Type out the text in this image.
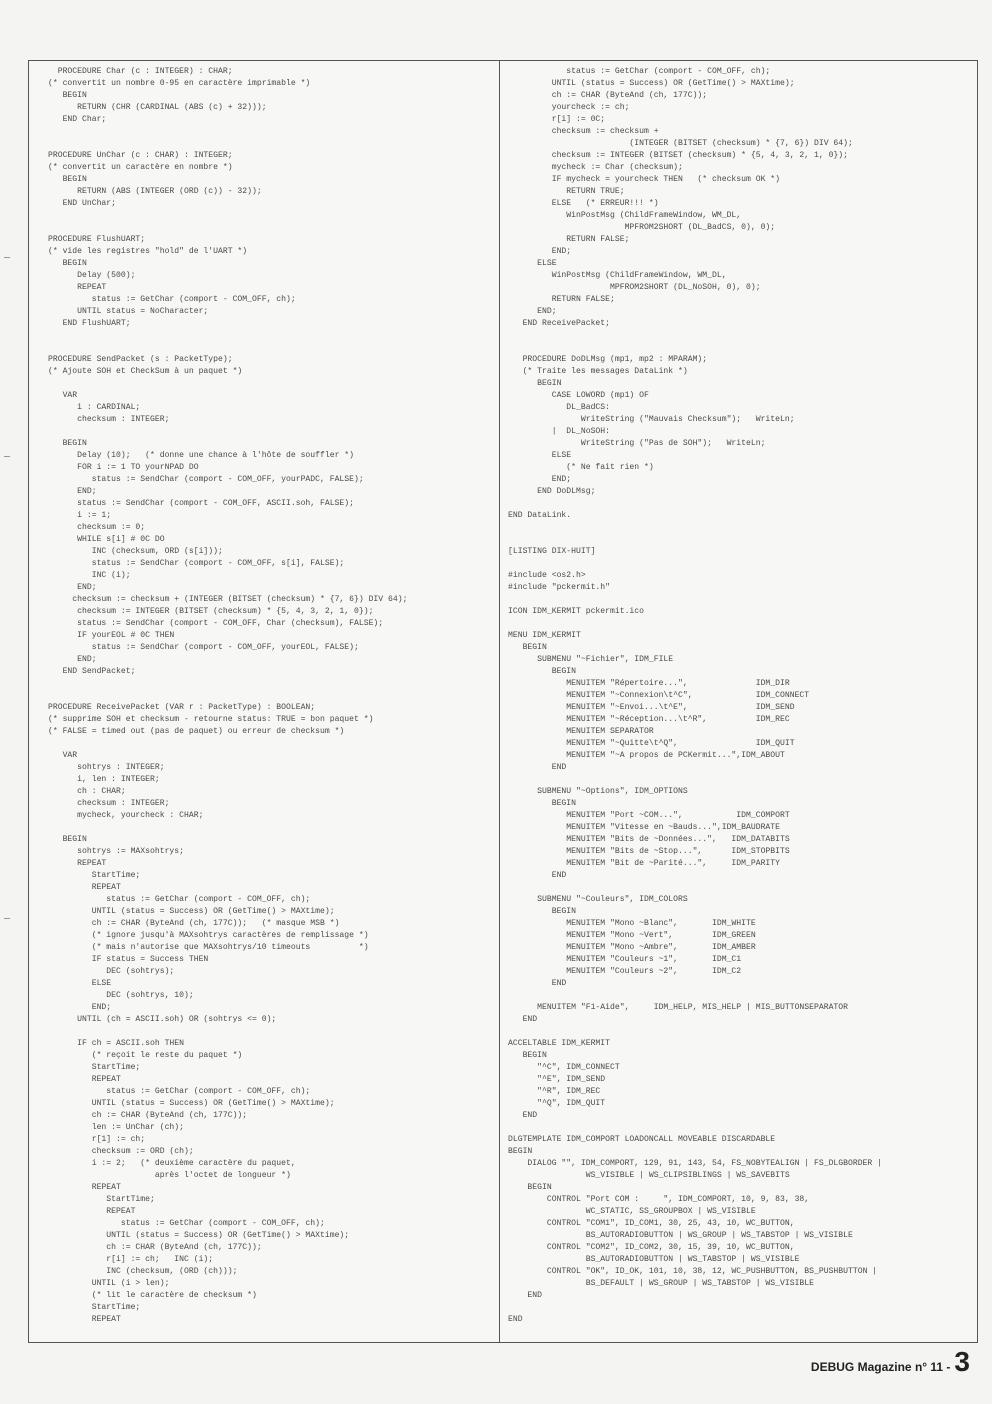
PROCEDURE Char (c : INTEGER) : CHAR;
(* convertit un nombre 0-95 en caractère imprimable *)
BEGIN
RETURN (CHR (CARDINAL (ABS (c) + 32)));
END Char;

PROCEDURE UnChar (c : CHAR) : INTEGER;
(* convertit un caractère en nombre *)
BEGIN
RETURN (ABS (INTEGER (ORD (c)) - 32));
END UnChar;

PROCEDURE FlushUART;
(* vide les registres "hold" de l'UART *)
BEGIN
Delay (500);
REPEAT
status := GetChar (comport - COM_OFF, ch);
UNTIL status = NoCharacter;
END FlushUART;

PROCEDURE SendPacket (s : PacketType);
(* Ajoute SOH et CheckSum à un paquet *)

VAR
i : CARDINAL;
checksum : INTEGER;

BEGIN
Delay (10);   (* donne une chance à l'hôte de souffler *)
FOR i := 1 TO yourNPAD DO
status := SendChar (comport - COM_OFF, yourPADC, FALSE);
END;
status := SendChar (comport - COM_OFF, ASCII.soh, FALSE);
i := 1;
checksum := 0;
WHILE s[i] # 0C DO
INC (checksum, ORD (s[i]));
status := SendChar (comport - COM_OFF, s[i], FALSE);
INC (i);
END;
checksum := checksum + (INTEGER (BITSET (checksum) * {7, 6}) DIV 64);
checksum := INTEGER (BITSET (checksum) * {5, 4, 3, 2, 1, 0});
status := SendChar (comport - COM_OFF, Char (checksum), FALSE);
IF yourEOL # 0C THEN
status := SendChar (comport - COM_OFF, yourEOL, FALSE);
END;
END SendPacket;

PROCEDURE ReceivePacket (VAR r : PacketType) : BOOLEAN;
(* supprime SOH et checksum - retourne status: TRUE = bon paquet *)
(* FALSE = timed out (pas de paquet) ou erreur de checksum *)

VAR
sohtrys : INTEGER;
i, len : INTEGER;
ch : CHAR;
checksum : INTEGER;
mycheck, yourcheck : CHAR;

BEGIN
sohtrys := MAXsohtrys;
REPEAT
StartTime;
REPEAT
status := GetChar (comport - COM_OFF, ch);
UNTIL (status = Success) OR (GetTime() > MAXtime);
ch := CHAR (ByteAnd (ch, 177C));   (* masque MSB *)
(* ignore jusqu'à MAXsohtrys caractères de remplissage *)
(* mais n'autorise que MAXsohtrys/10 timeouts          *)
IF status = Success THEN
DEC (sohtrys);
ELSE
DEC (sohtrys, 10);
END;
UNTIL (ch = ASCII.soh) OR (sohtrys <= 0);

IF ch = ASCII.soh THEN
(* reçoit le reste du paquet *)
StartTime;
REPEAT
status := GetChar (comport - COM_OFF, ch);
UNTIL (status = Success) OR (GetTime() > MAXtime);
ch := CHAR (ByteAnd (ch, 177C));
len := UnChar (ch);
r[1] := ch;
checksum := ORD (ch);
i := 2;   (* deuxième caractère du paquet,
après l'octet de longueur *)
REPEAT
StartTime;
REPEAT
status := GetChar (comport - COM_OFF, ch);
UNTIL (status = Success) OR (GetTime() > MAXtime);
ch := CHAR (ByteAnd (ch, 177C));
r[i] := ch;   INC (i);
INC (checksum, (ORD (ch)));
UNTIL (i > len);
(* lit le caractère de checksum *)
StartTime;
REPEAT
status := GetChar (comport - COM_OFF, ch);
UNTIL (status = Success) OR (GetTime() > MAXtime);
ch := CHAR (ByteAnd (ch, 177C));
yourcheck := ch;
r[i] := 0C;
checksum := checksum +
(INTEGER (BITSET (checksum) * {7, 6}) DIV 64);
checksum := INTEGER (BITSET (checksum) * {5, 4, 3, 2, 1, 0});
mycheck := Char (checksum);
IF mycheck = yourcheck THEN   (* checksum OK *)
RETURN TRUE;
ELSE   (* ERREUR!!! *)
WinPostMsg (ChildFrameWindow, WM_DL,
MPFROM2SHORT (DL_BadCS, 0), 0);
RETURN FALSE;
END;
ELSE
WinPostMsg (ChildFrameWindow, WM_DL,
MPFROM2SHORT (DL_NoSOH, 0), 0);
RETURN FALSE;
END;
END ReceivePacket;

PROCEDURE DoDLMsg (mp1, mp2 : MPARAM);
(* Traite les messages DataLink *)
BEGIN
CASE LOWORD (mp1) OF
DL_BadCS:
WriteString ("Mauvais Checksum");   WriteLn;
|  DL_NoSOH:
WriteString ("Pas de SOH");   WriteLn;
ELSE
(* Ne fait rien *)
END;
END DoDLMsg;

END DataLink.

[LISTING DIX-HUIT]

#include <os2.h>
#include "pckermit.h"

ICON IDM_KERMIT pckermit.ico

MENU IDM_KERMIT
BEGIN
SUBMENU "~Fichier", IDM_FILE
BEGIN
MENUITEM "Répertoire...",              IDM_DIR
MENUITEM "~Connexion\t^C",             IDM_CONNECT
MENUITEM "~Envoi...\t^E",              IDM_SEND
MENUITEM "~Réception...\t^R",          IDM_REC
MENUITEM SEPARATOR
MENUITEM "~Quitte\t^Q",                IDM_QUIT
MENUITEM "~A propos de PCKermit...",IDM_ABOUT
END

SUBMENU "~Options", IDM_OPTIONS
BEGIN
MENUITEM "Port ~COM...",           IDM_COMPORT
MENUITEM "Vitesse en ~Bauds...",IDM_BAUDRATE
MENUITEM "Bits de ~Données...",   IDM_DATABITS
MENUITEM "Bits de ~Stop...",      IDM_STOPBITS
MENUITEM "Bit de ~Parité...",     IDM_PARITY
END

SUBMENU "~Couleurs", IDM_COLORS
BEGIN
MENUITEM "Mono ~Blanc",       IDM_WHITE
MENUITEM "Mono ~Vert",        IDM_GREEN
MENUITEM "Mono ~Ambre",       IDM_AMBER
MENUITEM "Couleurs ~1",       IDM_C1
MENUITEM "Couleurs ~2",       IDM_C2
END

MENUITEM "F1-Aide",     IDM_HELP, MIS_HELP | MIS_BUTTONSEPARATOR
END

ACCELTABLE IDM_KERMIT
BEGIN
"^C", IDM_CONNECT
"^E", IDM_SEND
"^R", IDM_REC
"^Q", IDM_QUIT
END

DLGTEMPLATE IDM_COMPORT LOADONCALL MOVEABLE DISCARDABLE
BEGIN
DIALOG "", IDM_COMPORT, 129, 91, 143, 54, FS_NOBYTEALIGN | FS_DLGBORDER |
WS_VISIBLE | WS_CLIPSIBLINGS | WS_SAVEBITS
BEGIN
CONTROL "Port COM :     ", IDM_COMPORT, 10, 9, 83, 38,
WC_STATIC, SS_GROUPBOX | WS_VISIBLE
CONTROL "COM1", ID_COM1, 30, 25, 43, 10, WC_BUTTON,
BS_AUTORADIOBUTTON | WS_GROUP | WS_TABSTOP | WS_VISIBLE
CONTROL "COM2", ID_COM2, 30, 15, 39, 10, WC_BUTTON,
BS_AUTORADIOBUTTON | WS_TABSTOP | WS_VISIBLE
CONTROL "OK", ID_OK, 101, 10, 38, 12, WC_PUSHBUTTON, BS_PUSHBUTTON |
BS_DEFAULT | WS_GROUP | WS_TABSTOP | WS_VISIBLE
END

END
DEBUG Magazine n° 11 - 3
